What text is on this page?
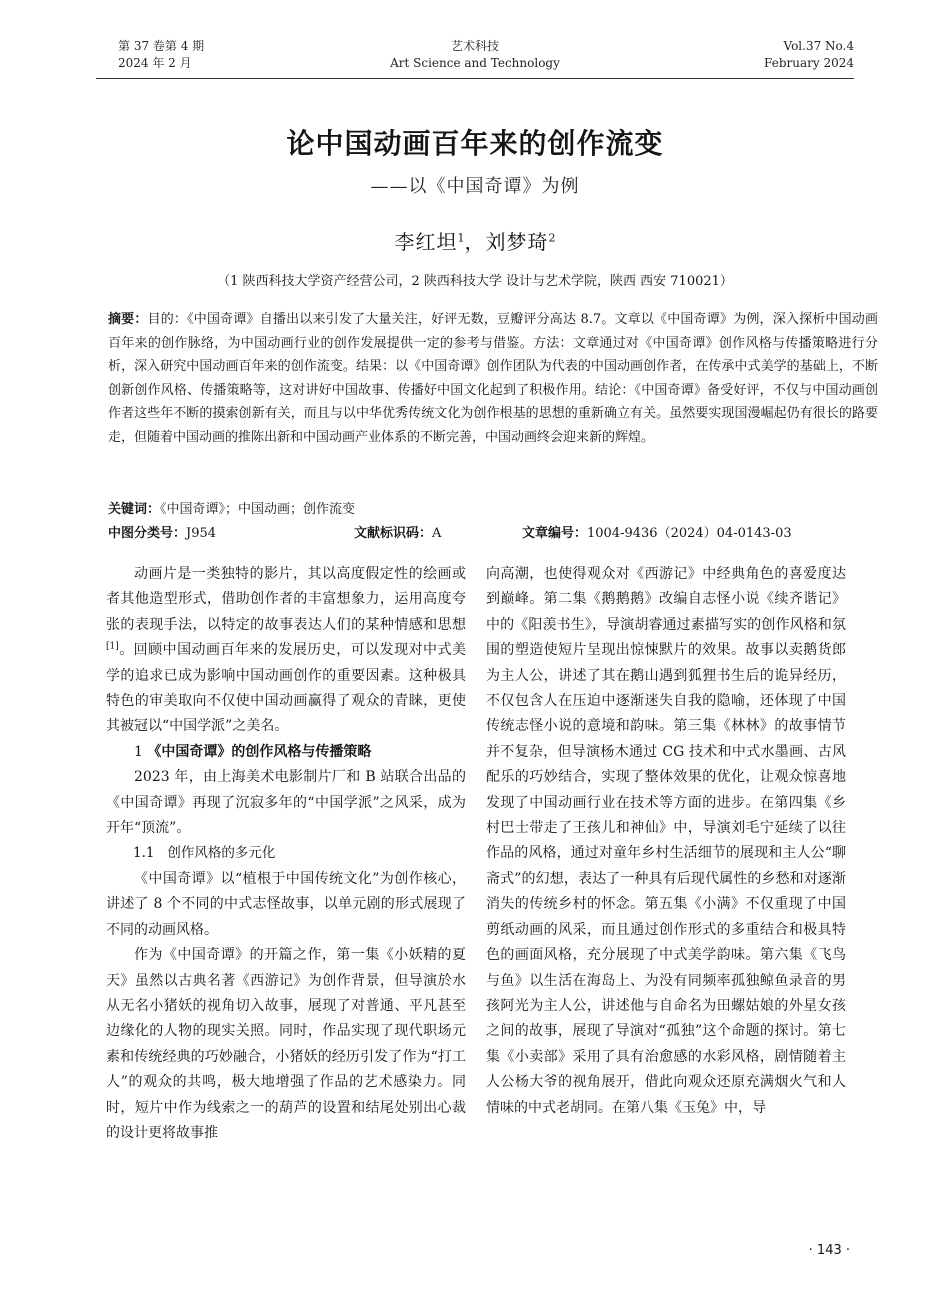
第 37 卷第 4 期
2024 年 2 月
艺术科技
Art Science and Technology
Vol.37 No.4
February 2024
论中国动画百年来的创作流变
——以《中国奇谭》为例
李红坦$^1$，刘梦琦$^2$
（1 陕西科技大学资产经营公司，2 陕西科技大学 设计与艺术学院，陕西 西安 710021）
摘要：目的：《中国奇谭》自播出以来引发了大量关注，好评无数，豆瓣评分高达 8.7。文章以《中国奇谭》为例，深入探析中国动画百年来的创作脉络，为中国动画行业的创作发展提供一定的参考与借鉴。方法：文章通过对《中国奇谭》创作风格与传播策略进行分析，深入研究中国动画百年来的创作流变。结果：以《中国奇谭》创作团队为代表的中国动画创作者，在传承中式美学的基础上，不断创新创作风格、传播策略等，这对讲好中国故事、传播好中国文化起到了积极作用。结论：《中国奇谭》备受好评，不仅与中国动画创作者这些年不断的摸索创新有关，而且与以中华优秀传统文化为创作根基的思想的重新确立有关。虽然要实现国漫崛起仍有很长的路要走，但随着中国动画的推陈出新和中国动画产业体系的不断完善，中国动画终会迎来新的辉煌。
关键词：《中国奇谭》；中国动画；创作流变
中图分类号：J954	文献标识码：A	文章编号：1004-9436（2024）04-0143-03

动画片是一类独特的影片，其以高度假定性的绘画或者其他造型形式，借助创作者的丰富想象力，运用高度夸张的表现手法，以特定的故事表达人们的某种情感和思想[1]。回顾中国动画百年来的发展历史，可以发现对中式美学的追求已成为影响中国动画创作的重要因素。这种极具特色的审美取向不仅使中国动画赢得了观众的青睐，更使其被冠以“中国学派”之美名。

1 《中国奇谭》的创作风格与传播策略

2023 年，由上海美术电影制片厂和 B 站联合出品的《中国奇谭》再现了沉寂多年的“中国学派”之风采，成为开年“顶流”。

1.1 创作风格的多元化

《中国奇谭》以“植根于中国传统文化”为创作核心，讲述了 8 个不同的中式志怪故事，以单元剧的形式展现了不同的动画风格。

作为《中国奇谭》的开篇之作，第一集《小妖精的夏天》虽然以古典名著《西游记》为创作背景，但导演於水从无名小猪妖的视角切入故事，展现了对普通、平凡甚至边缘化的人物的现实关照。同时，作品实现了现代职场元素和传统经典的巧妙融合，小猪妖的经历引发了作为“打工人”的观众的共鸣，极大地增强了作品的艺术感染力。同时，短片中作为线索之一的葫芦的设置和结尾处别出心裁的设计更将故事推

向高潮，也使得观众对《西游记》中经典角色的喜爱度达到巅峰。第二集《鹅鹅鹅》改编自志怪小说《续齐谐记》中的《阳羡书生》，导演胡睿通过素描写实的创作风格和氛围的塑造使短片呈现出惊悚默片的效果。故事以卖鹅货郎为主人公，讲述了其在鹅山遇到狐狸书生后的诡异经历，不仅包含人在压迫中逐渐迷失自我的隐喻，还体现了中国传统志怪小说的意境和韵味。第三集《林林》的故事情节并不复杂，但导演杨木通过 CG 技术和中式水墨画、古风配乐的巧妙结合，实现了整体效果的优化，让观众惊喜地发现了中国动画行业在技术等方面的进步。在第四集《乡村巴士带走了王孩儿和神仙》中，导演刘毛宁延续了以往作品的风格，通过对童年乡村生活细节的展现和主人公“聊斋式”的幻想，表达了一种具有后现代属性的乡愁和对逐渐消失的传统乡村的怀念。第五集《小满》不仅重现了中国剪纸动画的风采，而且通过创作形式的多重结合和极具特色的画面风格，充分展现了中式美学韵味。第六集《飞鸟与鱼》以生活在海岛上、为没有同频率孤独鲸鱼录音的男孩阿光为主人公，讲述他与自命名为田螺姑娘的外星女孩之间的故事，展现了导演对“孤独”这个命题的探讨。第七集《小卖部》采用了具有治愈感的水彩风格，剧情随着主人公杨大爷的视角展开，借此向观众还原充满烟火气和人情味的中式老胡同。在第八集《玉兔》中，导

· 143 ·
